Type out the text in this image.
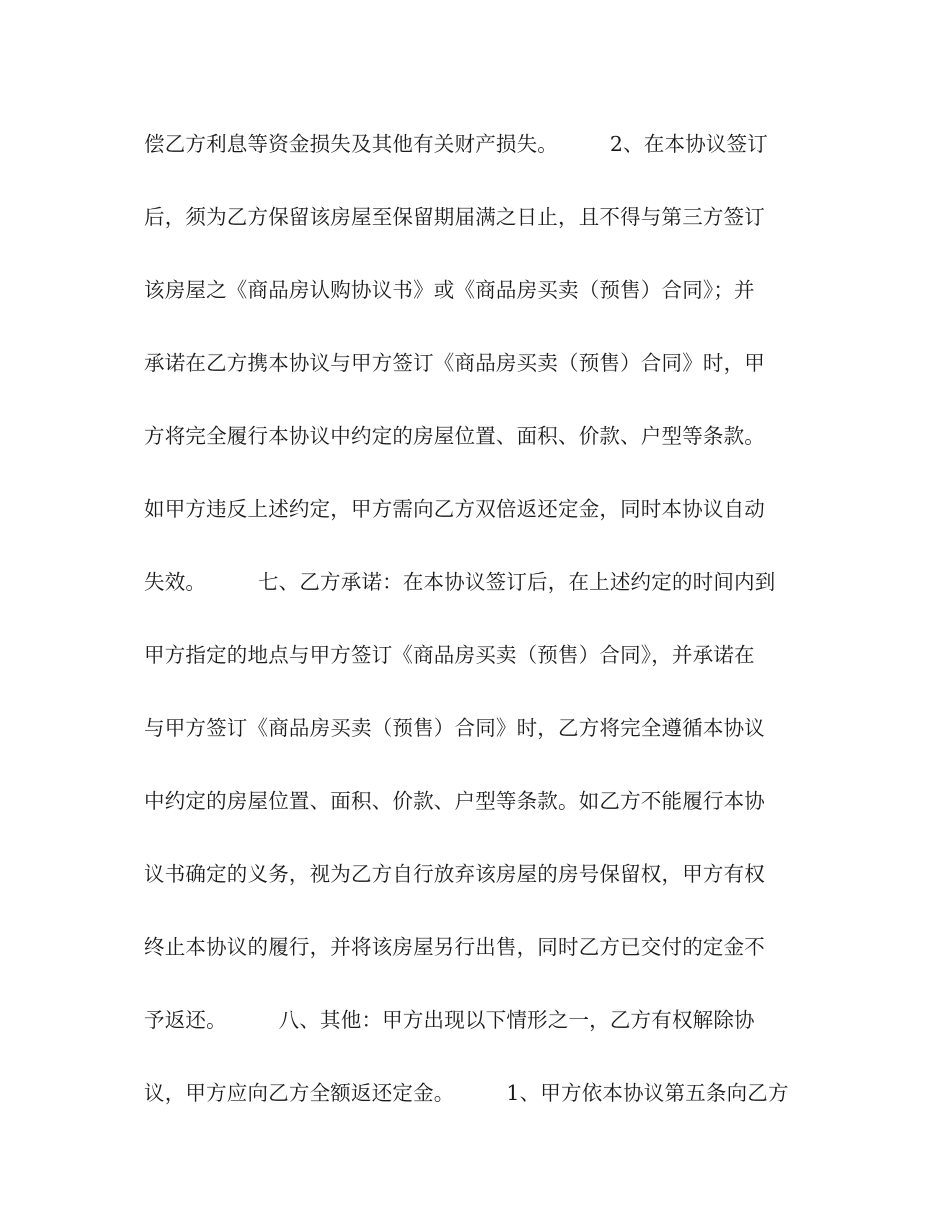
偿乙方利息等资金损失及其他有关财产损失。　　　2、在本协议签订
后，须为乙方保留该房屋至保留期届满之日止，且不得与第三方签订
该房屋之《商品房认购协议书》或《商品房买卖（预售）合同》；并
承诺在乙方携本协议与甲方签订《商品房买卖（预售）合同》时，甲
方将完全履行本协议中约定的房屋位置、面积、价款、户型等条款。
如甲方违反上述约定，甲方需向乙方双倍返还定金，同时本协议自动
失效。　　　七、乙方承诺：在本协议签订后，在上述约定的时间内到
甲方指定的地点与甲方签订《商品房买卖（预售）合同》，并承诺在
与甲方签订《商品房买卖（预售）合同》时，乙方将完全遵循本协议
中约定的房屋位置、面积、价款、户型等条款。如乙方不能履行本协
议书确定的义务，视为乙方自行放弃该房屋的房号保留权，甲方有权
终止本协议的履行，并将该房屋另行出售，同时乙方已交付的定金不
予返还。　　　八、其他：甲方出现以下情形之一，乙方有权解除协
议，甲方应向乙方全额返还定金。　　　1、甲方依本协议第五条向乙方
